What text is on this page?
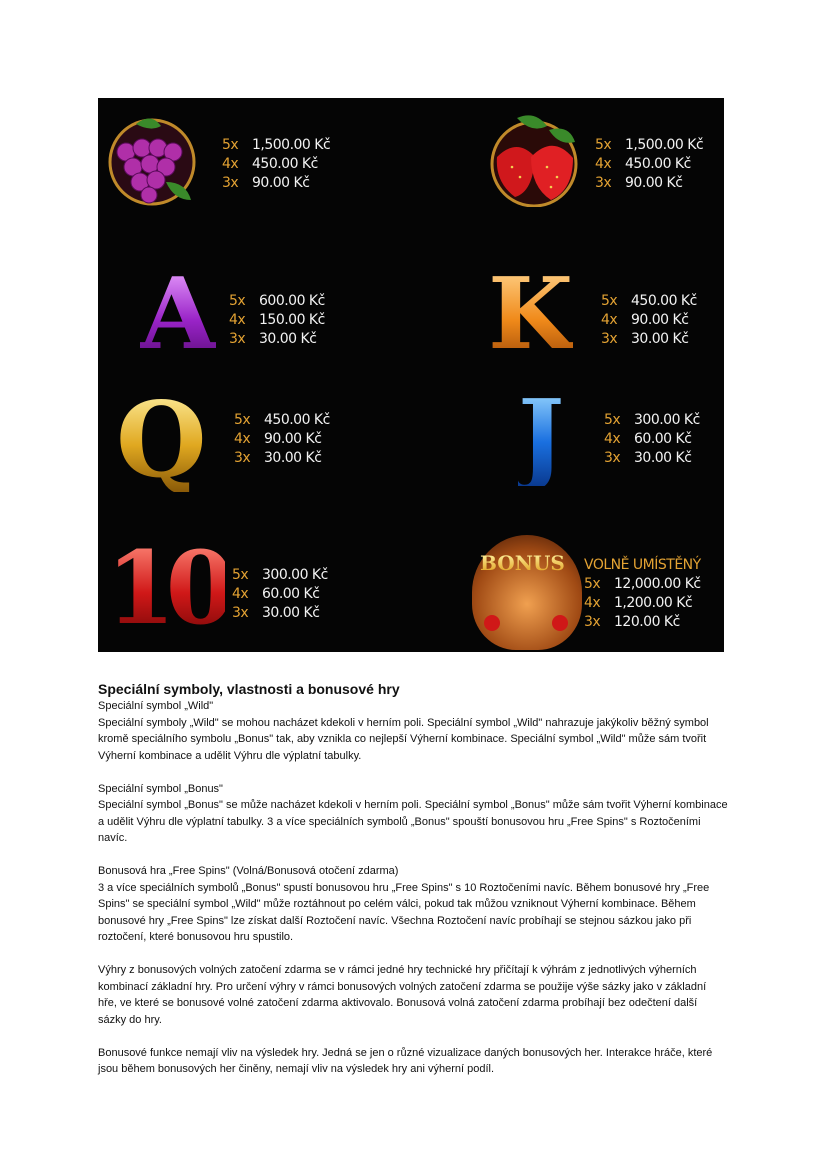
5x 1,500.00 Kč
4x 450.00 Kč
3x 90.00 Kč
5x 1,500.00 Kč
4x 450.00 Kč
3x 90.00 Kč
A 5x 600.00 Kč
4x 150.00 Kč
3x 30.00 Kč K 5x 450.00 Kč
4x 90.00 Kč
3x 30.00 Kč
Q 5x 450.00 Kč
4x 90.00 Kč
3x 30.00 Kč J	5x 300.00 Kč
4x 60.00 Kč
3x 30.00 Kč
10 5x 300.00 Kč
4x 60.00 Kč
3x 30.00 Kč
BONUS VOLNĚ UMÍSTĚNÝ
5x 12,000.00 Kč
4x 1,200.00 Kč
3x 120.00 Kč
Speciální symboly, vlastnosti a bonusové hry
Speciální symbol „Wild"

Speciální symboly „Wild" se mohou nacházet kdekoli v herním poli. Speciální symbol „Wild" nahrazuje jakýkoliv běžný symbol kromě speciálního symbolu „Bonus" tak, aby vznikla co nejlepší Výherní kombinace. Speciální symbol „Wild" může sám tvořit Výherní kombinace a udělit Výhru dle výplatní tabulky.

Speciální symbol „Bonus"

Speciální symbol „Bonus" se může nacházet kdekoli v herním poli. Speciální symbol „Bonus" může sám tvořit Výherní kombinace a udělit Výhru dle výplatní tabulky. 3 a více speciálních symbolů „Bonus" spouští bonusovou hru „Free Spins" s Roztočeními navíc.

Bonusová hra „Free Spins" (Volná/Bonusová otočení zdarma)

3 a více speciálních symbolů „Bonus" spustí bonusovou hru „Free Spins" s 10 Roztočeními navíc. Během bonusové hry „Free Spins" se speciální symbol „Wild" může roztáhnout po celém válci, pokud tak můžou vzniknout Výherní kombinace. Během bonusové hry „Free Spins" lze získat další Roztočení navíc. Všechna Roztočení navíc probíhají se stejnou sázkou jako při roztočení, které bonusovou hru spustilo.

Výhry z bonusových volných zatočení zdarma se v rámci jedné hry technické hry přičítají k výhrám z jednotlivých výherních kombinací základní hry. Pro určení výhry v rámci bonusových volných zatočení zdarma se použije výše sázky jako v základní hře, ve které se bonusové volné zatočení zdarma aktivovalo. Bonusová volná zatočení zdarma probíhají bez odečtení další sázky do hry.

Bonusové funkce nemají vliv na výsledek hry. Jedná se jen o různé vizualizace daných bonusových her. Interakce hráče, které jsou během bonusových her činěny, nemají vliv na výsledek hry ani výherní podíl.
